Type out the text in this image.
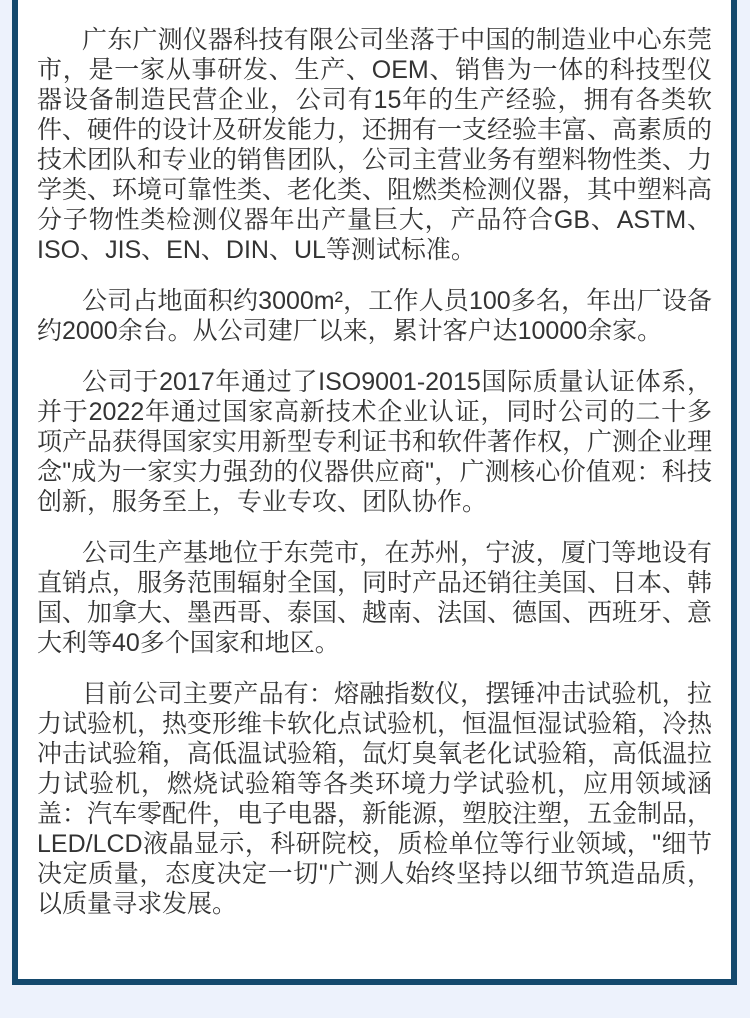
广东广测仪器科技有限公司坐落于中国的制造业中心东莞市，是一家从事研发、生产、OEM、销售为一体的科技型仪器设备制造民营企业，公司有15年的生产经验，拥有各类软件、硬件的设计及研发能力，还拥有一支经验丰富、高素质的技术团队和专业的销售团队，公司主营业务有塑料物性类、力学类、环境可靠性类、老化类、阻燃类检测仪器，其中塑料高分子物性类检测仪器年出产量巨大，产品符合GB、ASTM、ISO、JIS、EN、DIN、UL等测试标准。

公司占地面积约3000m²，工作人员100多名，年出厂设备约2000余台。从公司建厂以来，累计客户达10000余家。

公司于2017年通过了ISO9001-2015国际质量认证体系，并于2022年通过国家高新技术企业认证，同时公司的二十多项产品获得国家实用新型专利证书和软件著作权，广测企业理念"成为一家实力强劲的仪器供应商"，广测核心价值观：科技创新，服务至上，专业专攻、团队协作。

公司生产基地位于东莞市，在苏州，宁波，厦门等地设有直销点，服务范围辐射全国，同时产品还销往美国、日本、韩国、加拿大、墨西哥、泰国、越南、法国、德国、西班牙、意大利等40多个国家和地区。

目前公司主要产品有：熔融指数仪，摆锤冲击试验机，拉力试验机，热变形维卡软化点试验机，恒温恒湿试验箱，冷热冲击试验箱，高低温试验箱，氙灯臭氧老化试验箱，高低温拉力试验机，燃烧试验箱等各类环境力学试验机，应用领域涵盖：汽车零配件，电子电器，新能源，塑胶注塑，五金制品，LED/LCD液晶显示，科研院校，质检单位等行业领域，"细节决定质量，态度决定一切"广测人始终坚持以细节筑造品质，以质量寻求发展。
